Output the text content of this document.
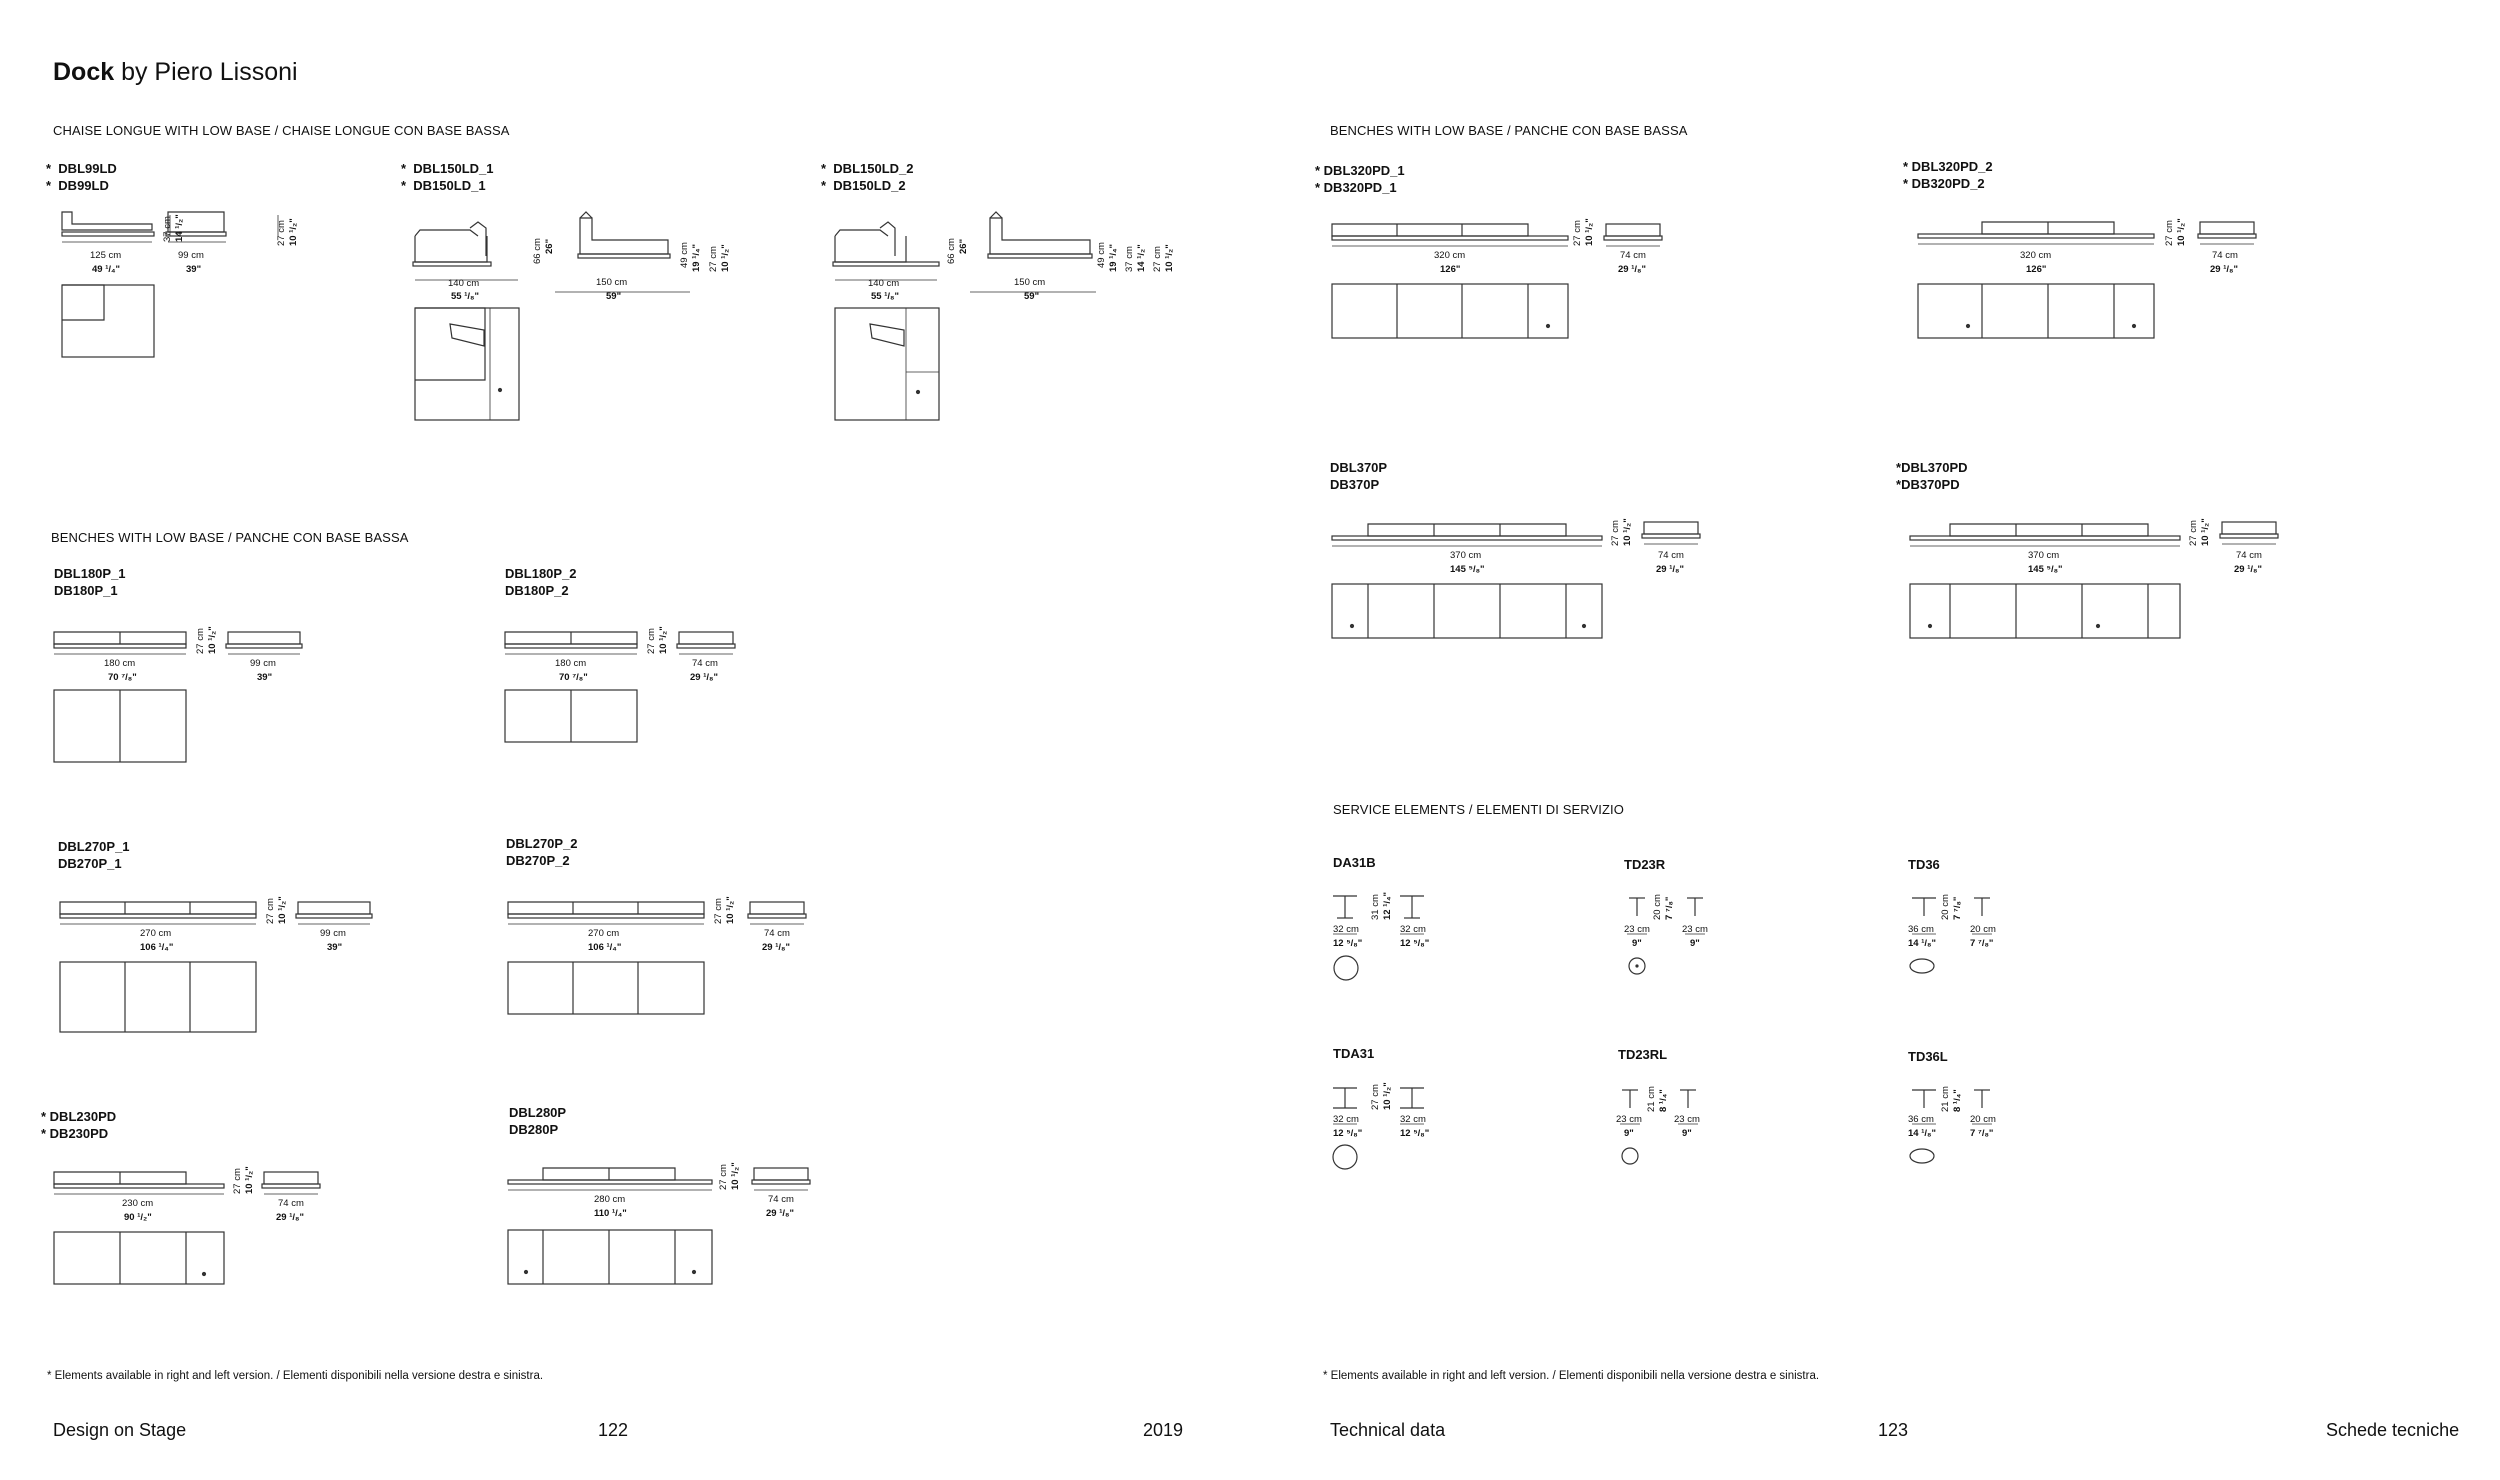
Dock by Piero Lissoni
CHAISE LONGUE WITH LOW BASE / CHAISE LONGUE CON BASE BASSA
*  DBL99LD
*  DB99LD
*  DBL150LD_1
*  DB150LD_1
*  DBL150LD_2
*  DB150LD_2
BENCHES WITH LOW BASE / PANCHE CON BASE BASSA
DBL180P_1
DB180P_1
DBL180P_2
DB180P_2
DBL270P_1
DB270P_1
DBL270P_2
DB270P_2
* DBL230PD
* DB230PD
DBL280P
DB280P
* Elements available in right and left version. / Elementi disponibili nella versione destra e sinistra.
Design on Stage	122	2019
BENCHES WITH LOW BASE / PANCHE CON BASE BASSA
* DBL320PD_1
* DB320PD_1
* DBL320PD_2
* DB320PD_2
DBL370P
DB370P
*DBL370PD
*DB370PD
SERVICE ELEMENTS / ELEMENTI DI SERVIZIO
DA31B	TD23R	TD36
TDA31	TD23RL	TD36L
* Elements available in right and left version. / Elementi disponibili nella versione destra e sinistra.
Technical data	123	Schede tecniche
125 cm
49 ¹/₄"
99 cm
39"
37 cm 14 ¹/₂"	27 cm 10 ¹/₂"
140 cm
55 ¹/₈"
150 cm
59"
66 cm 26"	49 cm 19 ¹/₄" 27 cm 10 ¹/₂"
140 cm
55 ¹/₈"
150 cm
59"
66 cm 26"	49 cm 19 ¹/₄" 37 cm 14 ¹/₂" 27 cm 10 ¹/₂"
180 cm
70 ⁷/₈"
99 cm
39"
27 cm 10 ¹/₂"
180 cm
70 ⁷/₈"
74 cm
29 ¹/₈"
27 cm 10 ¹/₂"
270 cm
106 ¹/₄"
99 cm
39"
27 cm 10 ¹/₂"
270 cm
106 ¹/₄"
74 cm
29 ¹/₈"
27 cm 10 ¹/₂"
230 cm
90 ¹/₂"
74 cm
29 ¹/₈"
27 cm 10 ¹/₂"
280 cm
110 ¹/₄"
74 cm
29 ¹/₈"
27 cm 10 ¹/₂"
320 cm
126"
74 cm
29 ¹/₈"
27 cm 10 ¹/₂"
320 cm
126"
74 cm
29 ¹/₈"
27 cm 10 ¹/₂"
370 cm
145 ⁵/₈"
74 cm
29 ¹/₈"
27 cm 10 ¹/₂"
370 cm
145 ⁵/₈"
74 cm
29 ¹/₈"
27 cm 10 ¹/₂"
32 cm
12 ⁵/₈"
32 cm
12 ⁵/₈"
31 cm 12 ¹/₄"
23 cm
9"
23 cm
9"
20 cm 7 ⁷/₈"
36 cm
14 ¹/₈"
20 cm
7 ⁷/₈"
20 cm 7 ⁷/₈"
32 cm
12 ⁵/₈"
32 cm
12 ⁵/₈"
27 cm 10 ¹/₂"
23 cm
9"
23 cm
9"
21 cm 8 ¹/₄"
36 cm
14 ¹/₈"
20 cm
7 ⁷/₈"
21 cm 8 ¹/₄"
